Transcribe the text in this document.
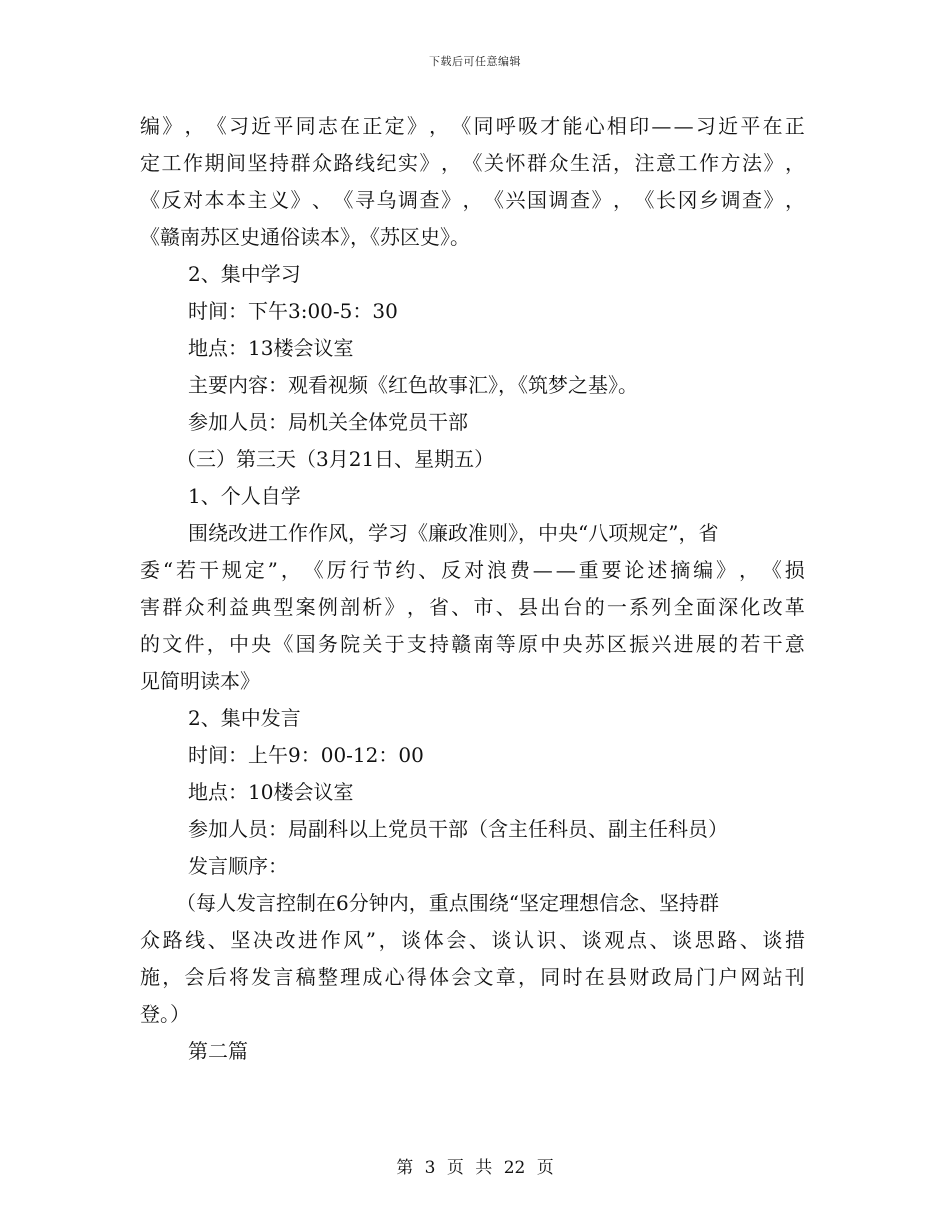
下载后可任意编辑
编 》 ， 《 习 近 平 同 志 在 正 定 》 ， 《 同 呼 吸 才 能 心 相 印 — — 习 近 平 在 正
定 工 作 期 间 坚 持 群 众 路 线 纪 实 》 ， 《 关 怀 群 众 生 活 ， 注 意 工 作 方 法 》 ，
《 反 对 本 本 主 义 》 、 《 寻 乌 调 查 》 ， 《 兴 国 调 查 》 ， 《 长 冈 乡 调 查 》 ，
《赣南苏区史通俗读本》，《苏区史》。
2、集中学习
时间：下午3:00-5：30
地点：13楼会议室
主要内容：观看视频《红色故事汇》，《筑梦之基》。
参加人员：局机关全体党员干部
（三）第三天（3月21日、星期五）
1、个人自学
围绕改进工作作风，学习《廉政准则》，中央“八项规定”，省
委 “ 若 干 规 定 ” ， 《 厉 行 节 约 、 反 对 浪 费 — — 重 要 论 述 摘 编 》 ， 《 损
害 群 众 利 益 典 型 案 例 剖 析 》 ， 省 、 市 、 县 出 台 的 一 系 列 全 面 深 化 改 革
的 文 件 ， 中 央 《 国 务 院 关 于 支 持 赣 南 等 原 中 央 苏 区 振 兴 进 展 的 若 干 意
见简明读本》
2、集中发言
时间：上午9：00-12：00
地点：10楼会议室
参加人员：局副科以上党员干部（含主任科员、副主任科员）
发言顺序：
（每人发言控制在6分钟内，重点围绕“坚定理想信念、坚持群
众 路 线 、 坚 决 改 进 作 风 ” ， 谈 体 会 、 谈 认 识 、 谈 观 点 、 谈 思 路 、 谈 措
施 ， 会 后 将 发 言 稿 整 理 成 心 得 体 会 文 章 ， 同 时 在 县 财 政 局 门 户 网 站 刊
登。）
第二篇
第 3 页 共 22 页
